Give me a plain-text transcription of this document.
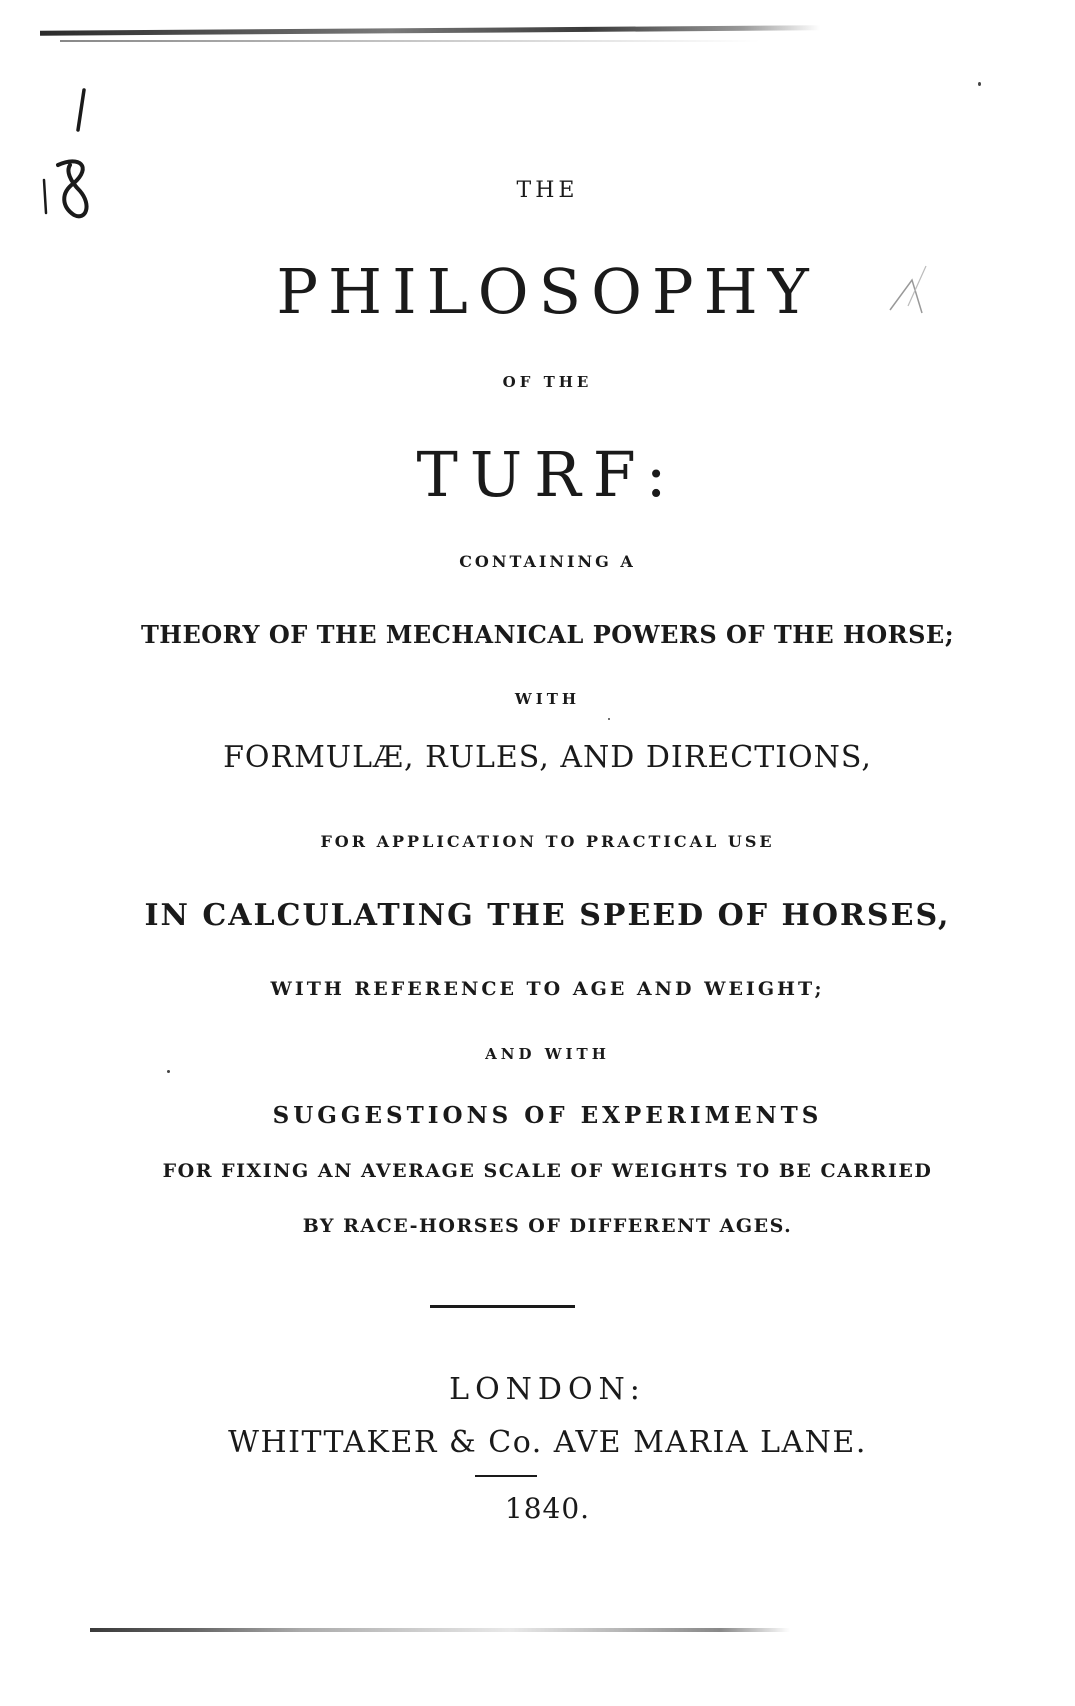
THE
PHILOSOPHY
OF THE
TURF:
CONTAINING A
THEORY OF THE MECHANICAL POWERS OF THE HORSE;
WITH
FORMULÆ, RULES, AND DIRECTIONS,
FOR APPLICATION TO PRACTICAL USE
IN CALCULATING THE SPEED OF HORSES,
WITH REFERENCE TO AGE AND WEIGHT;
AND WITH
SUGGESTIONS OF EXPERIMENTS
FOR FIXING AN AVERAGE SCALE OF WEIGHTS TO BE CARRIED
BY RACE-HORSES OF DIFFERENT AGES.
LONDON:
WHITTAKER & Co. AVE MARIA LANE.
1840.
